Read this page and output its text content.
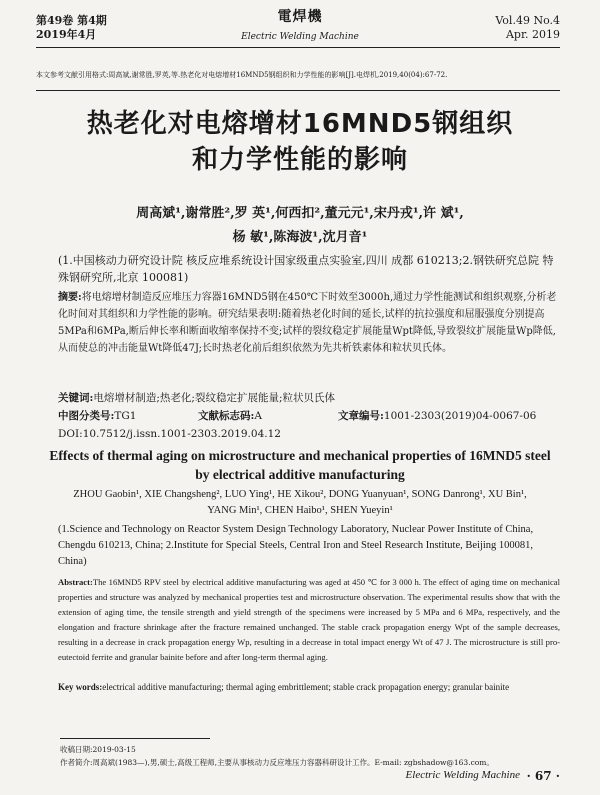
第49卷 第4期
2019年4月
電焊機
Electric Welding Machine
Vol.49 No.4
Apr. 2019
本文参考文献引用格式:周高斌,谢常胜,罗英,等.热老化对电熔增材16MND5钢组织和力学性能的影响[J].电焊机,2019,40(04):67-72.
热老化对电熔增材16MND5钢组织
和力学性能的影响
周高斌¹,谢常胜²,罗 英¹,何西扣²,董元元¹,宋丹戎¹,许 斌¹,
杨 敏¹,陈海波¹,沈月音¹
(1.中国核动力研究设计院 核反应堆系统设计国家级重点实验室,四川 成都 610213;2.钢铁研究总院 特殊钢研究所,北京 100081)
摘要:将电熔增材制造反应堆压力容器16MND5钢在450℃下时效至3000h,通过力学性能测试和组织观察,分析老化时间对其组织和力学性能的影响。研究结果表明:随着热老化时间的延长,试样的抗拉强度和屈服强度分别提高5MPa和6MPa,断后伸长率和断面收缩率保持不变;试样的裂纹稳定扩展能量Wpt降低,导致裂纹扩展能量Wp降低,从而使总的冲击能量Wt降低47J;长时热老化前后组织依然为先共析铁素体和粒状贝氏体。
关键词:电熔增材制造;热老化;裂纹稳定扩展能量;粒状贝氏体
中图分类号:TG1	文献标志码:A	文章编号:1001-2303(2019)04-0067-06
DOI:10.7512/j.issn.1001-2303.2019.04.12
Effects of thermal aging on microstructure and mechanical properties of 16MND5 steel
by electrical additive manufacturing
ZHOU Gaobin¹, XIE Changsheng², LUO Ying¹, HE Xikou², DONG Yuanyuan¹, SONG Danrong¹, XU Bin¹,
YANG Min¹, CHEN Haibo¹, SHEN Yueyin¹
(1.Science and Technology on Reactor System Design Technology Laboratory, Nuclear Power Institute of China, Chengdu 610213, China; 2.Institute for Special Steels, Central Iron and Steel Research Institute, Beijing 100081, China)
Abstract:The 16MND5 RPV steel by electrical additive manufacturing was aged at 450 ℃ for 3 000 h. The effect of aging time on mechanical properties and structure was analyzed by mechanical properties test and microstructure observation. The experimental results show that with the extension of aging time, the tensile strength and yield strength of the specimens were increased by 5 MPa and 6 MPa, respectively, and the elongation and fracture shrinkage after the fracture remained unchanged. The stable crack propagation energy Wpt of the sample decreases, resulting in a decrease in crack propagation energy Wp, resulting in a decrease in total impact energy Wt of 47 J. The microstructure is still pro-eutectoid ferrite and granular bainite before and after long-term thermal aging.
Key words:electrical additive manufacturing; thermal aging embrittlement; stable crack propagation energy; granular bainite
收稿日期:2019-03-15
作者简介:周高斌(1983—),男,硕士,高级工程师,主要从事核动力反应堆压力容器科研设计工作。E-mail: zgbshadow@163.com。
Electric Welding Machine · 67 ·
